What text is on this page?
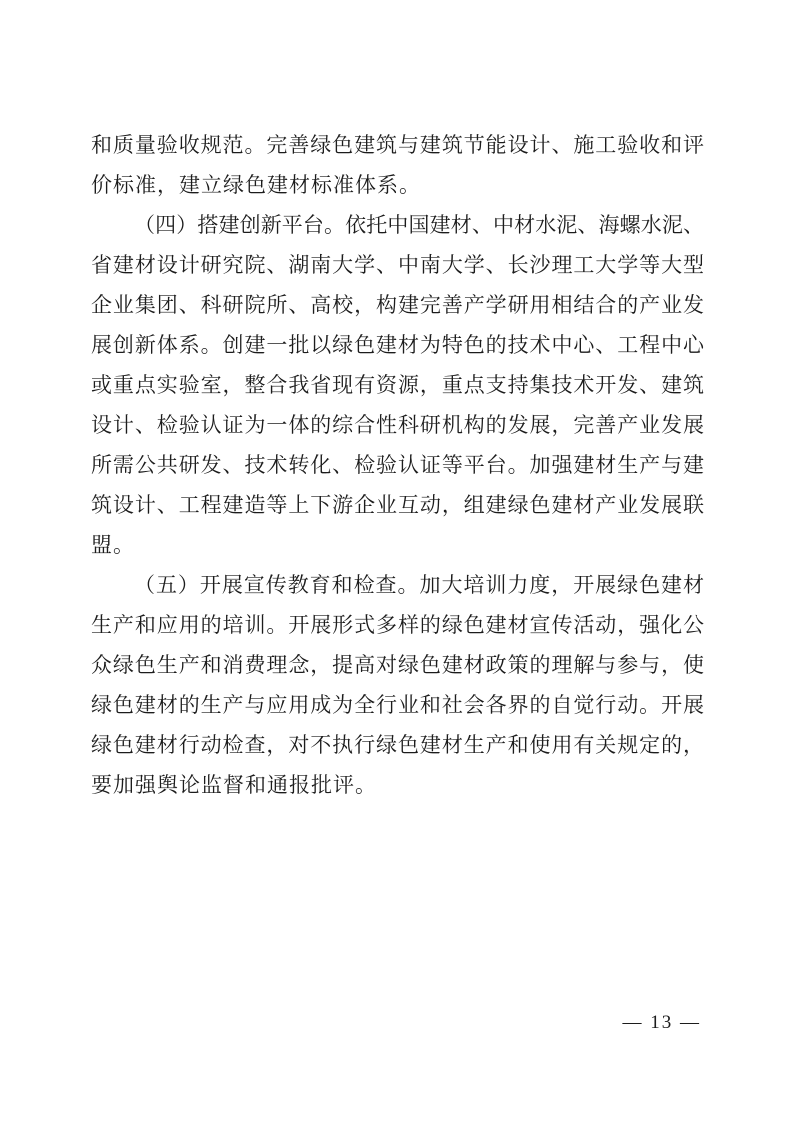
和质量验收规范。完善绿色建筑与建筑节能设计、施工验收和评
价标准，建立绿色建材标准体系。
（四）搭建创新平台。依托中国建材、中材水泥、海螺水泥、
省建材设计研究院、湖南大学、中南大学、长沙理工大学等大型
企业集团、科研院所、高校，构建完善产学研用相结合的产业发
展创新体系。创建一批以绿色建材为特色的技术中心、工程中心
或重点实验室，整合我省现有资源，重点支持集技术开发、建筑
设计、检验认证为一体的综合性科研机构的发展，完善产业发展
所需公共研发、技术转化、检验认证等平台。加强建材生产与建
筑设计、工程建造等上下游企业互动，组建绿色建材产业发展联
盟。
（五）开展宣传教育和检查。加大培训力度，开展绿色建材
生产和应用的培训。开展形式多样的绿色建材宣传活动，强化公
众绿色生产和消费理念，提高对绿色建材政策的理解与参与，使
绿色建材的生产与应用成为全行业和社会各界的自觉行动。开展
绿色建材行动检查，对不执行绿色建材生产和使用有关规定的，
要加强舆论监督和通报批评。
— 13 —
